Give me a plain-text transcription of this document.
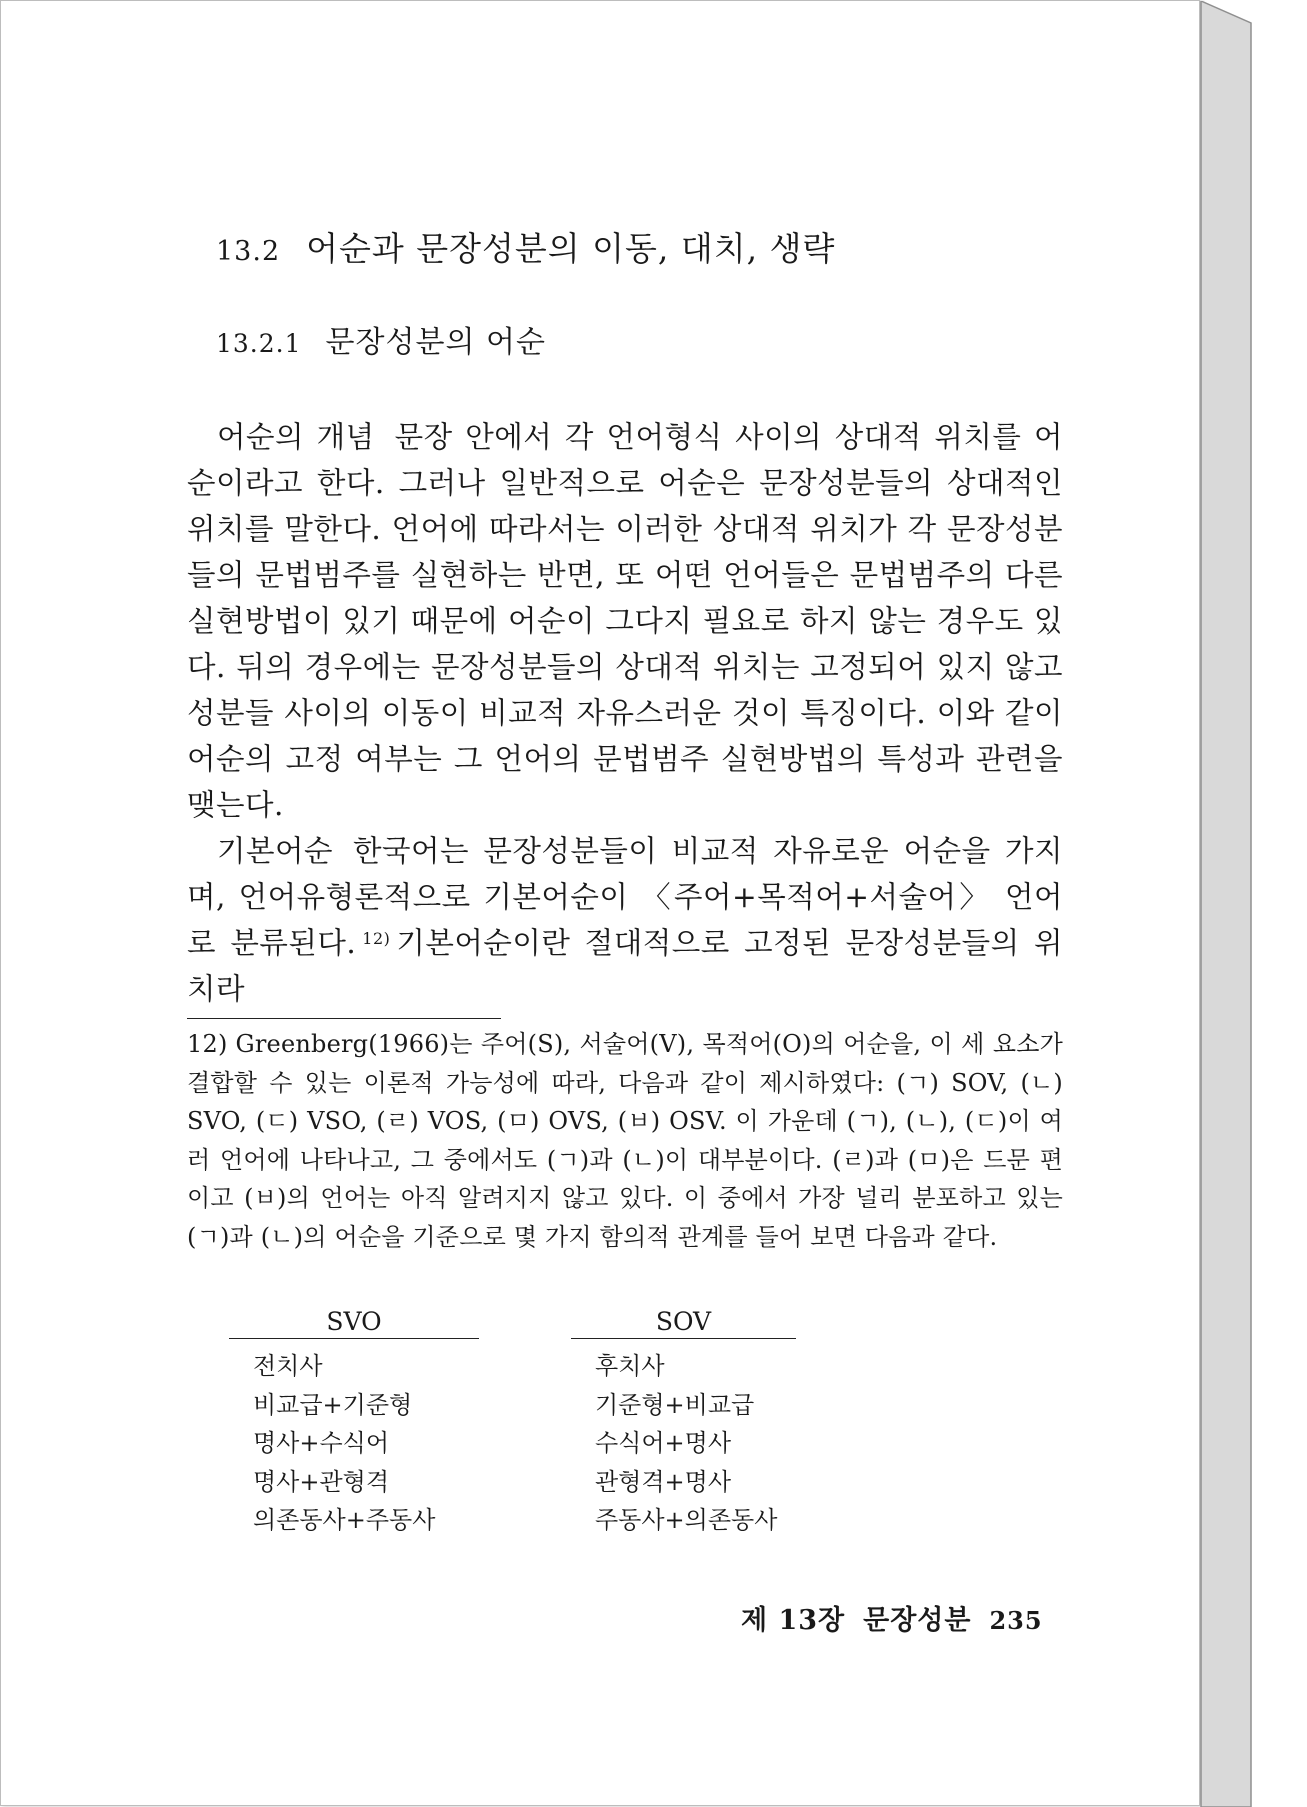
13.2 어순과 문장성분의 이동, 대치, 생략
13.2.1 문장성분의 어순

어순의 개념 문장 안에서 각 언어형식 사이의 상대적 위치를 어순이라고 한다. 그러나 일반적으로 어순은 문장성분들의 상대적인 위치를 말한다. 언어에 따라서는 이러한 상대적 위치가 각 문장성분들의 문법범주를 실현하는 반면, 또 어떤 언어들은 문법범주의 다른 실현방법이 있기 때문에 어순이 그다지 필요로 하지 않는 경우도 있다. 뒤의 경우에는 문장성분들의 상대적 위치는 고정되어 있지 않고 성분들 사이의 이동이 비교적 자유스러운 것이 특징이다. 이와 같이 어순의 고정 여부는 그 언어의 문법범주 실현방법의 특성과 관련을 맺는다.

기본어순 한국어는 문장성분들이 비교적 자유로운 어순을 가지며, 언어유형론적으로 기본어순이 〈주어+목적어+서술어〉 언어로 분류된다. $^{12)}$ 기본어순이란 절대적으로 고정된 문장성분들의 위치라

12) Greenberg(1966)는 주어(S), 서술어(V), 목적어(O)의 어순을, 이 세 요소가 결합할 수 있는 이론적 가능성에 따라, 다음과 같이 제시하였다: (ㄱ) SOV, (ㄴ) SVO, (ㄷ) VSO, (ㄹ) VOS, (ㅁ) OVS, (ㅂ) OSV. 이 가운데 (ㄱ), (ㄴ), (ㄷ)이 여러 언어에 나타나고, 그 중에서도 (ㄱ)과 (ㄴ)이 대부분이다. (ㄹ)과 (ㅁ)은 드문 편이고 (ㅂ)의 언어는 아직 알려지지 않고 있다. 이 중에서 가장 널리 분포하고 있는 (ㄱ)과 (ㄴ)의 어순을 기준으로 몇 가지 함의적 관계를 들어 보면 다음과 같다.
SVO
전치사
비교급+기준형
명사+수식어
명사+관형격
의존동사+주동사
SOV
후치사
기준형+비교급
수식어+명사
관형격+명사
주동사+의존동사
제 13장 문장성분 235
